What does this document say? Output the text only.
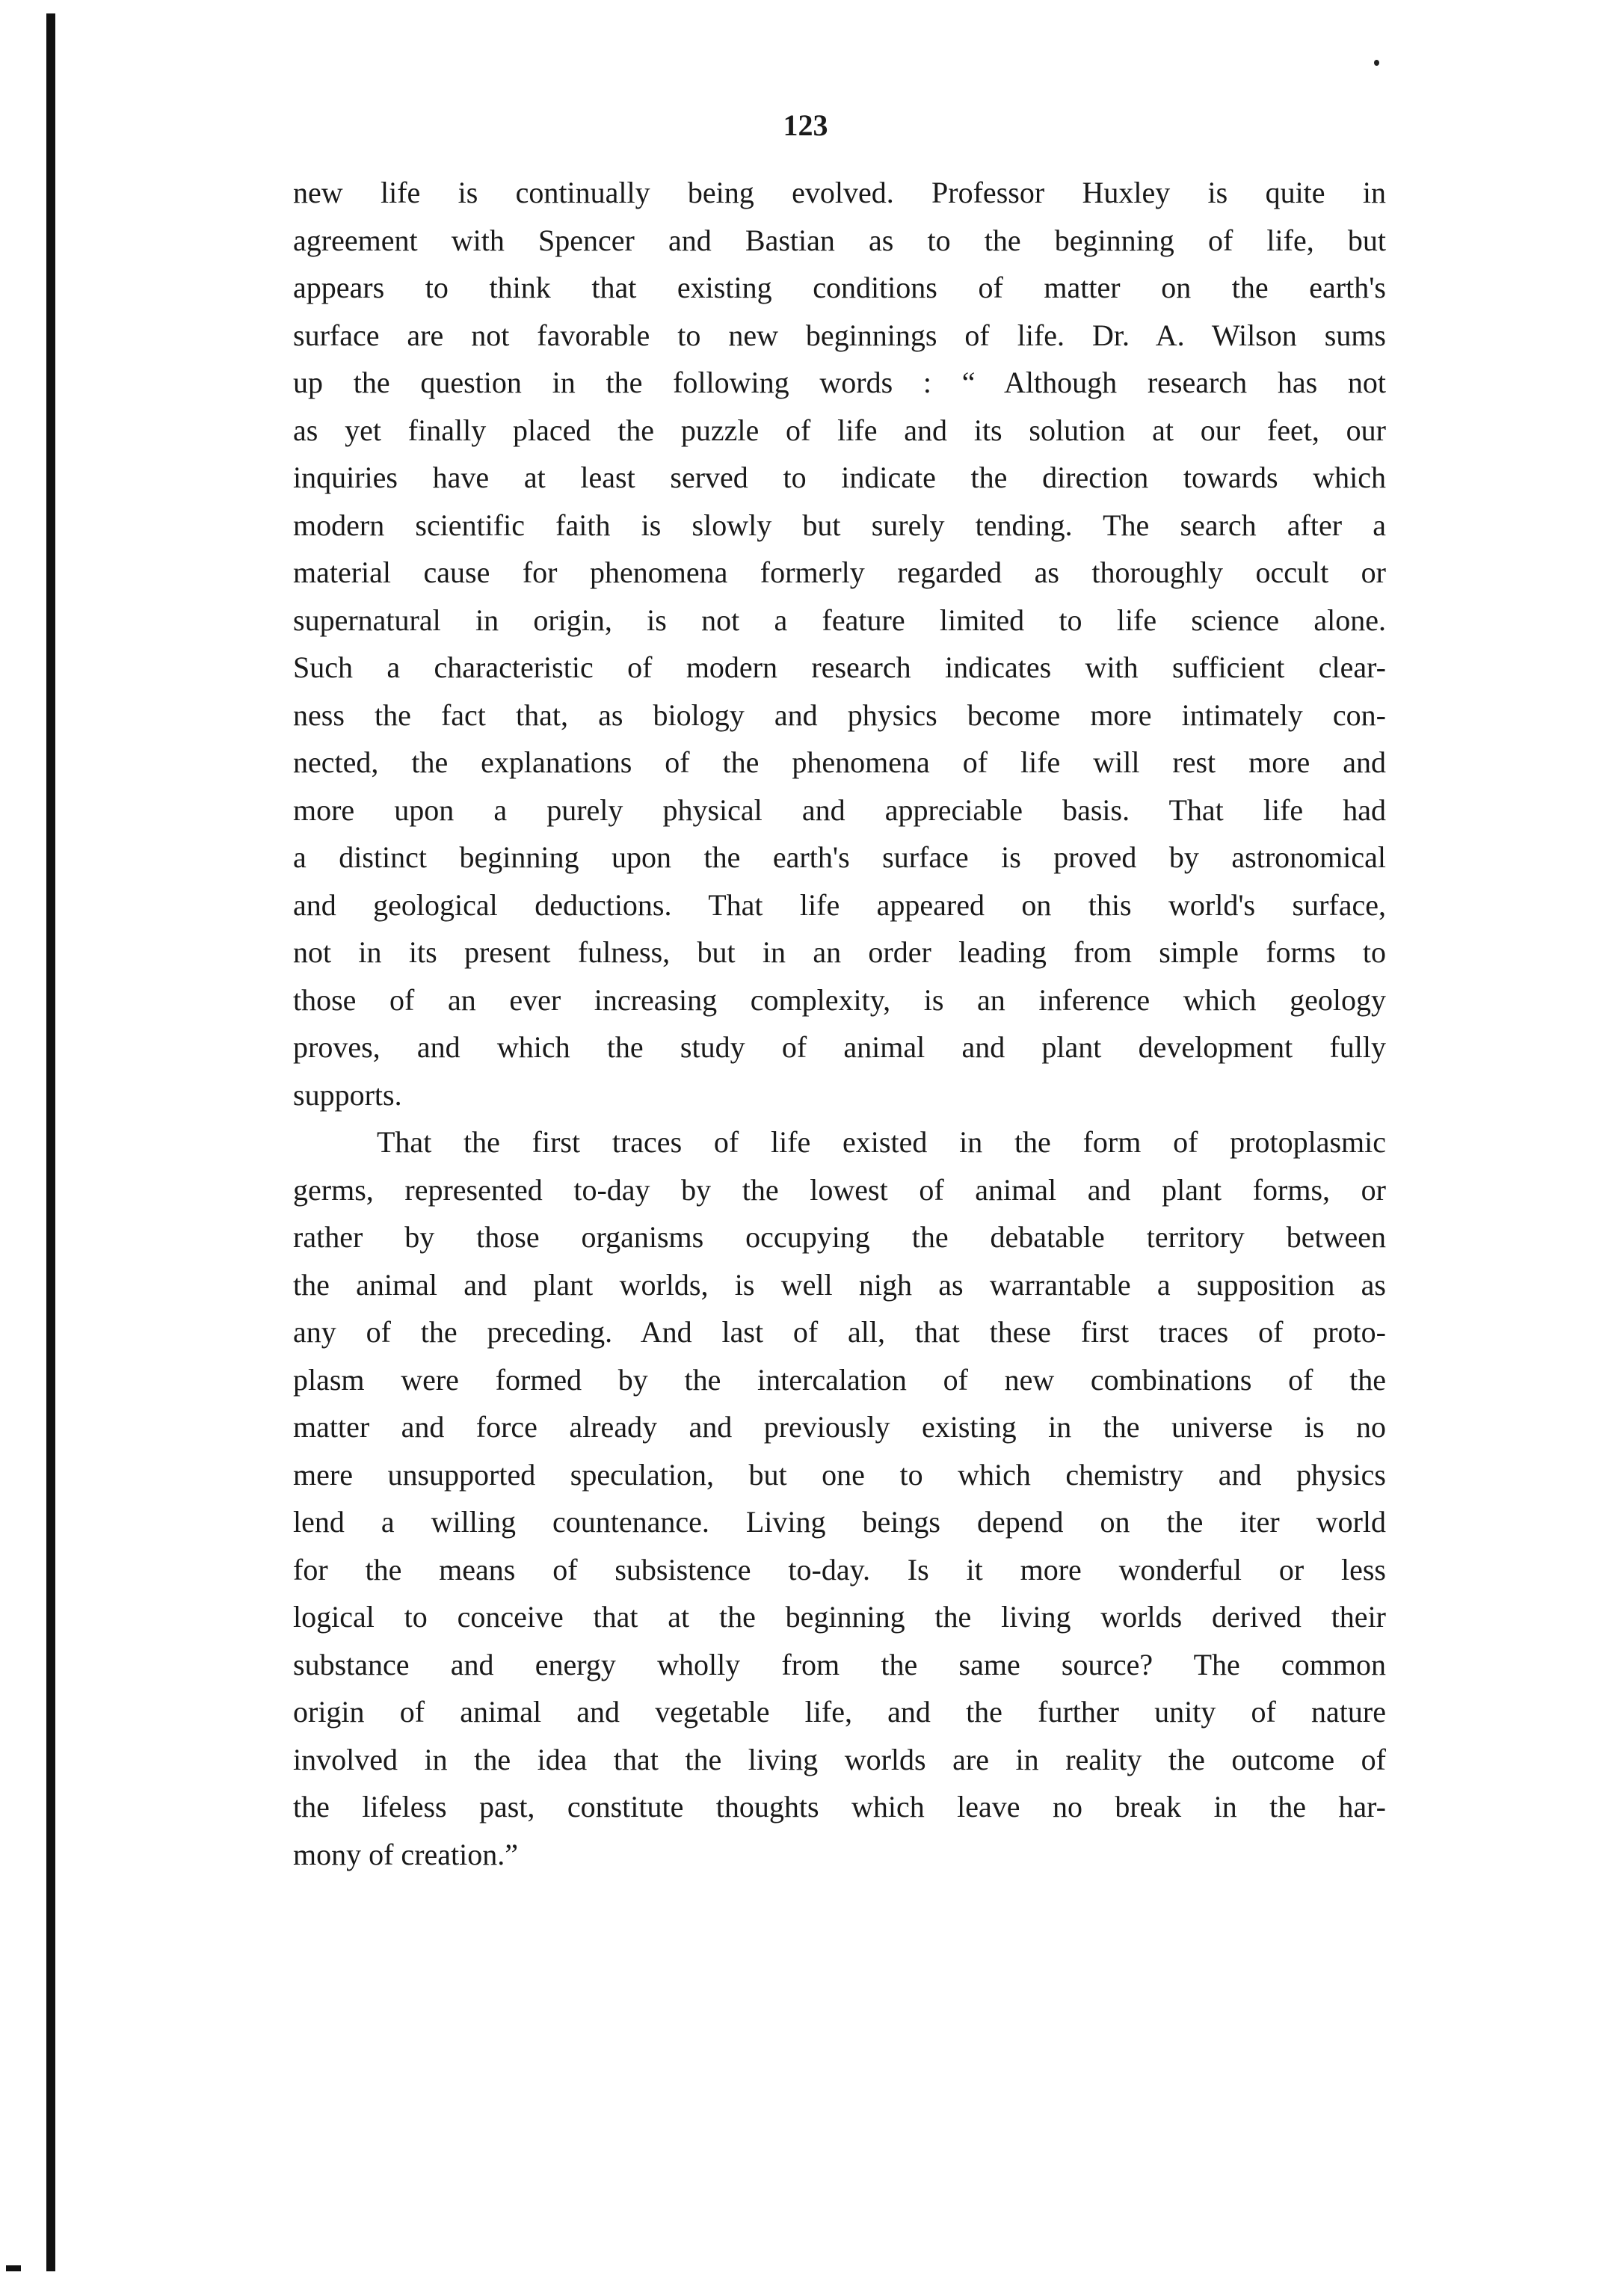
123
new life is continually being evolved. Professor Huxley is quite in
agreement with Spencer and Bastian as to the beginning of life, but
appears to think that existing conditions of matter on the earth's
surface are not favorable to new beginnings of life. Dr. A. Wilson sums
up the question in the following words : “ Although research has not
as yet finally placed the puzzle of life and its solution at our feet, our
inquiries have at least served to indicate the direction towards which
modern scientific faith is slowly but surely tending. The search after a
material cause for phenomena formerly regarded as thoroughly occult or
supernatural in origin, is not a feature limited to life science alone.
Such a characteristic of modern research indicates with sufficient clear-
ness the fact that, as biology and physics become more intimately con-
nected, the explanations of the phenomena of life will rest more and
more upon a purely physical and appreciable basis. That life had
a distinct beginning upon the earth's surface is proved by astronomical
and geological deductions. That life appeared on this world's surface,
not in its present fulness, but in an order leading from simple forms to
those of an ever increasing complexity, is an inference which geology
proves, and which the study of animal and plant development fully
supports.
That the first traces of life existed in the form of protoplasmic
germs, represented to-day by the lowest of animal and plant forms, or
rather by those organisms occupying the debatable territory between
the animal and plant worlds, is well nigh as warrantable a supposition as
any of the preceding. And last of all, that these first traces of proto-
plasm were formed by the intercalation of new combinations of the
matter and force already and previously existing in the universe is no
mere unsupported speculation, but one to which chemistry and physics
lend a willing countenance. Living beings depend on the iter world
for the means of subsistence to-day. Is it more wonderful or less
logical to conceive that at the beginning the living worlds derived their
substance and energy wholly from the same source? The common
origin of animal and vegetable life, and the further unity of nature
involved in the idea that the living worlds are in reality the outcome of
the lifeless past, constitute thoughts which leave no break in the har-
mony of creation.”
